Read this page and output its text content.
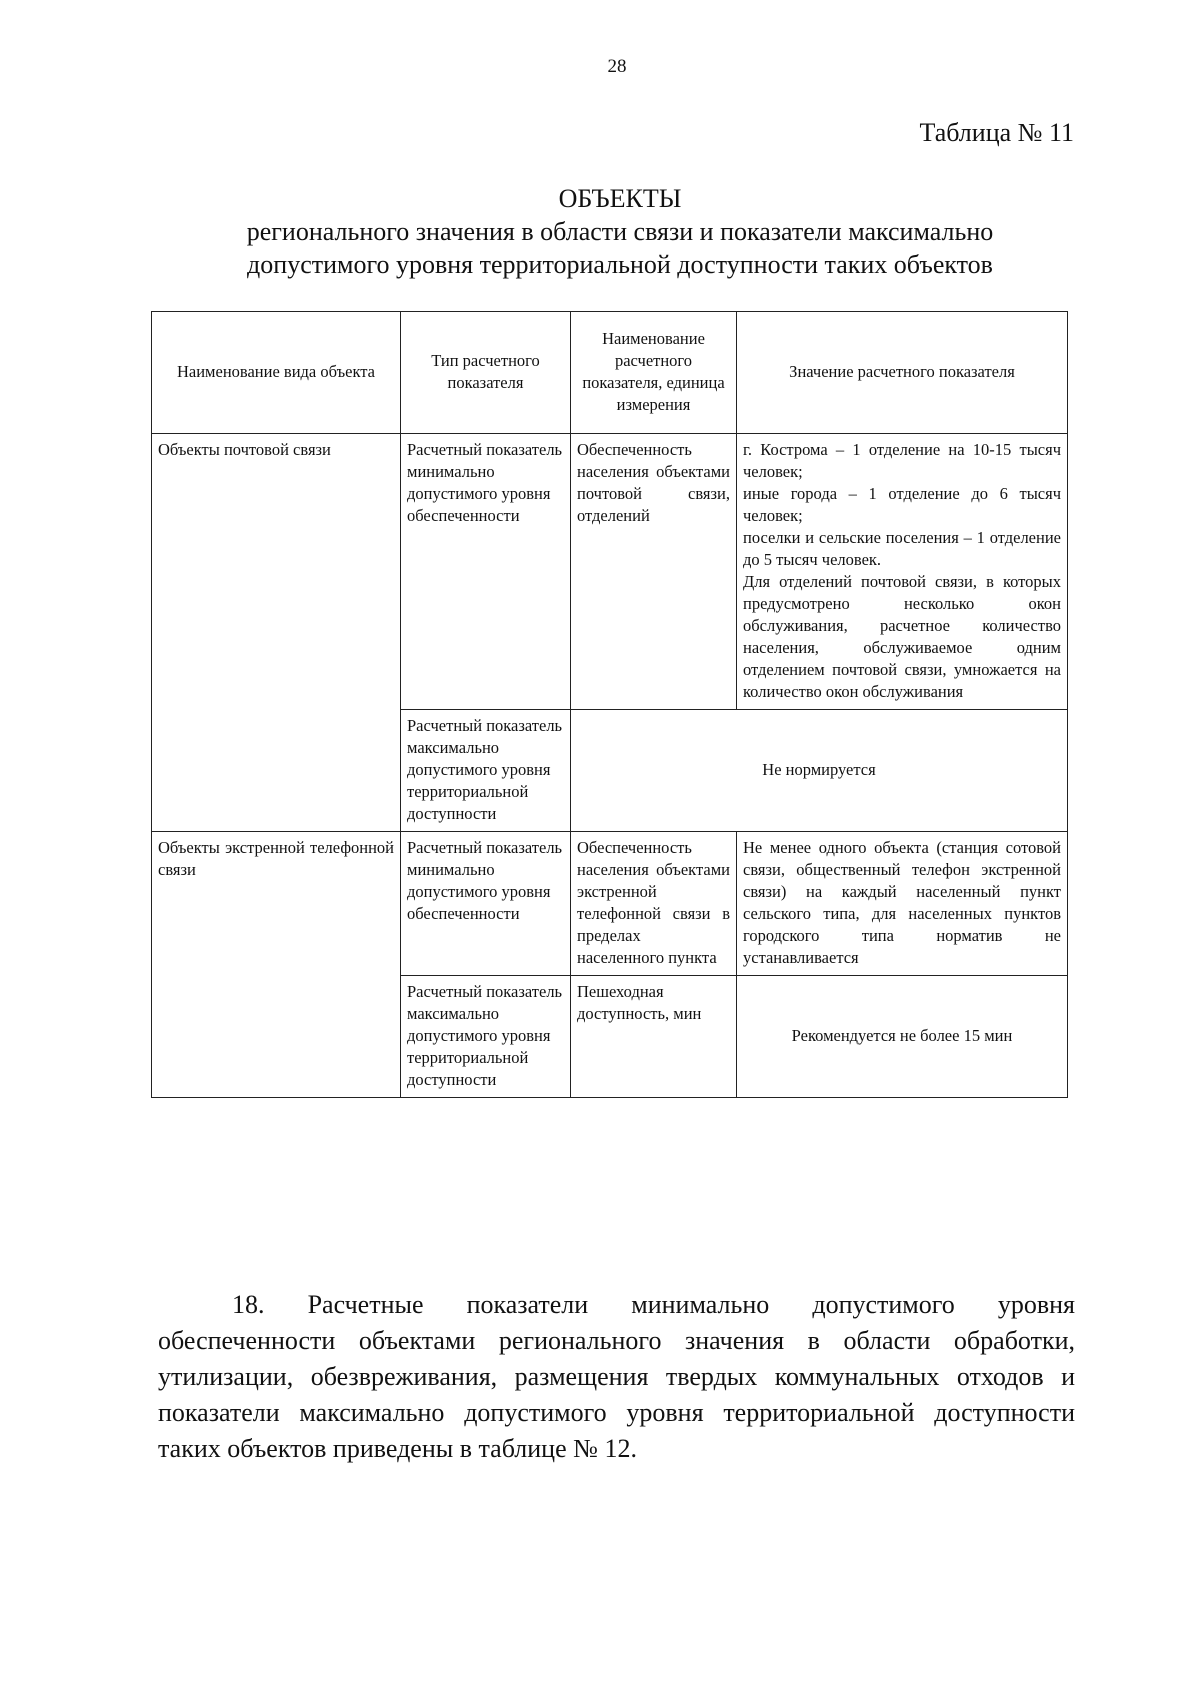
28
Таблица № 11
ОБЪЕКТЫ
регионального значения в области связи и показатели максимально
допустимого уровня территориальной доступности таких объектов
Наименование вида объекта	Тип расчетного показателя	Наименование расчетного показателя, единица измерения	Значение расчетного показателя
Объекты почтовой связи	Расчетный показатель минимально допустимого уровня обеспеченности	Обеспеченность населения объектами почтовой связи, отделений	г. Кострома – 1 отделение на 10-15 тысяч человек;
иные города – 1 отделение до 6 тысяч человек;
поселки и сельские поселения – 1 отделение до 5 тысяч человек.
Для отделений почтовой связи, в которых предусмотрено несколько окон обслуживания, расчетное количество населения, обслуживаемое одним отделением почтовой связи, умножается на количество окон обслуживания

	Расчетный показатель максимально допустимого уровня территориальной доступности	Не нормируется	
Объекты экстренной телефонной связи	Расчетный показатель минимально допустимого уровня обеспеченности	Обеспеченность населения объектами экстренной телефонной связи в пределах населенного пункта	Не менее одного объекта (станция сотовой связи, общественный телефон экстренной связи) на каждый населенный пункт сельского типа, для населенных пунктов городского типа норматив не устанавливается
	Расчетный показатель максимально допустимого уровня территориальной доступности	Пешеходная доступность, мин	Рекомендуется не более 15 мин

18. Расчетные показатели минимально допустимого уровня обеспеченности объектами регионального значения в области обработки, утилизации, обезвреживания, размещения твердых коммунальных отходов и показатели максимально допустимого уровня территориальной доступности таких объектов приведены в таблице № 12.
